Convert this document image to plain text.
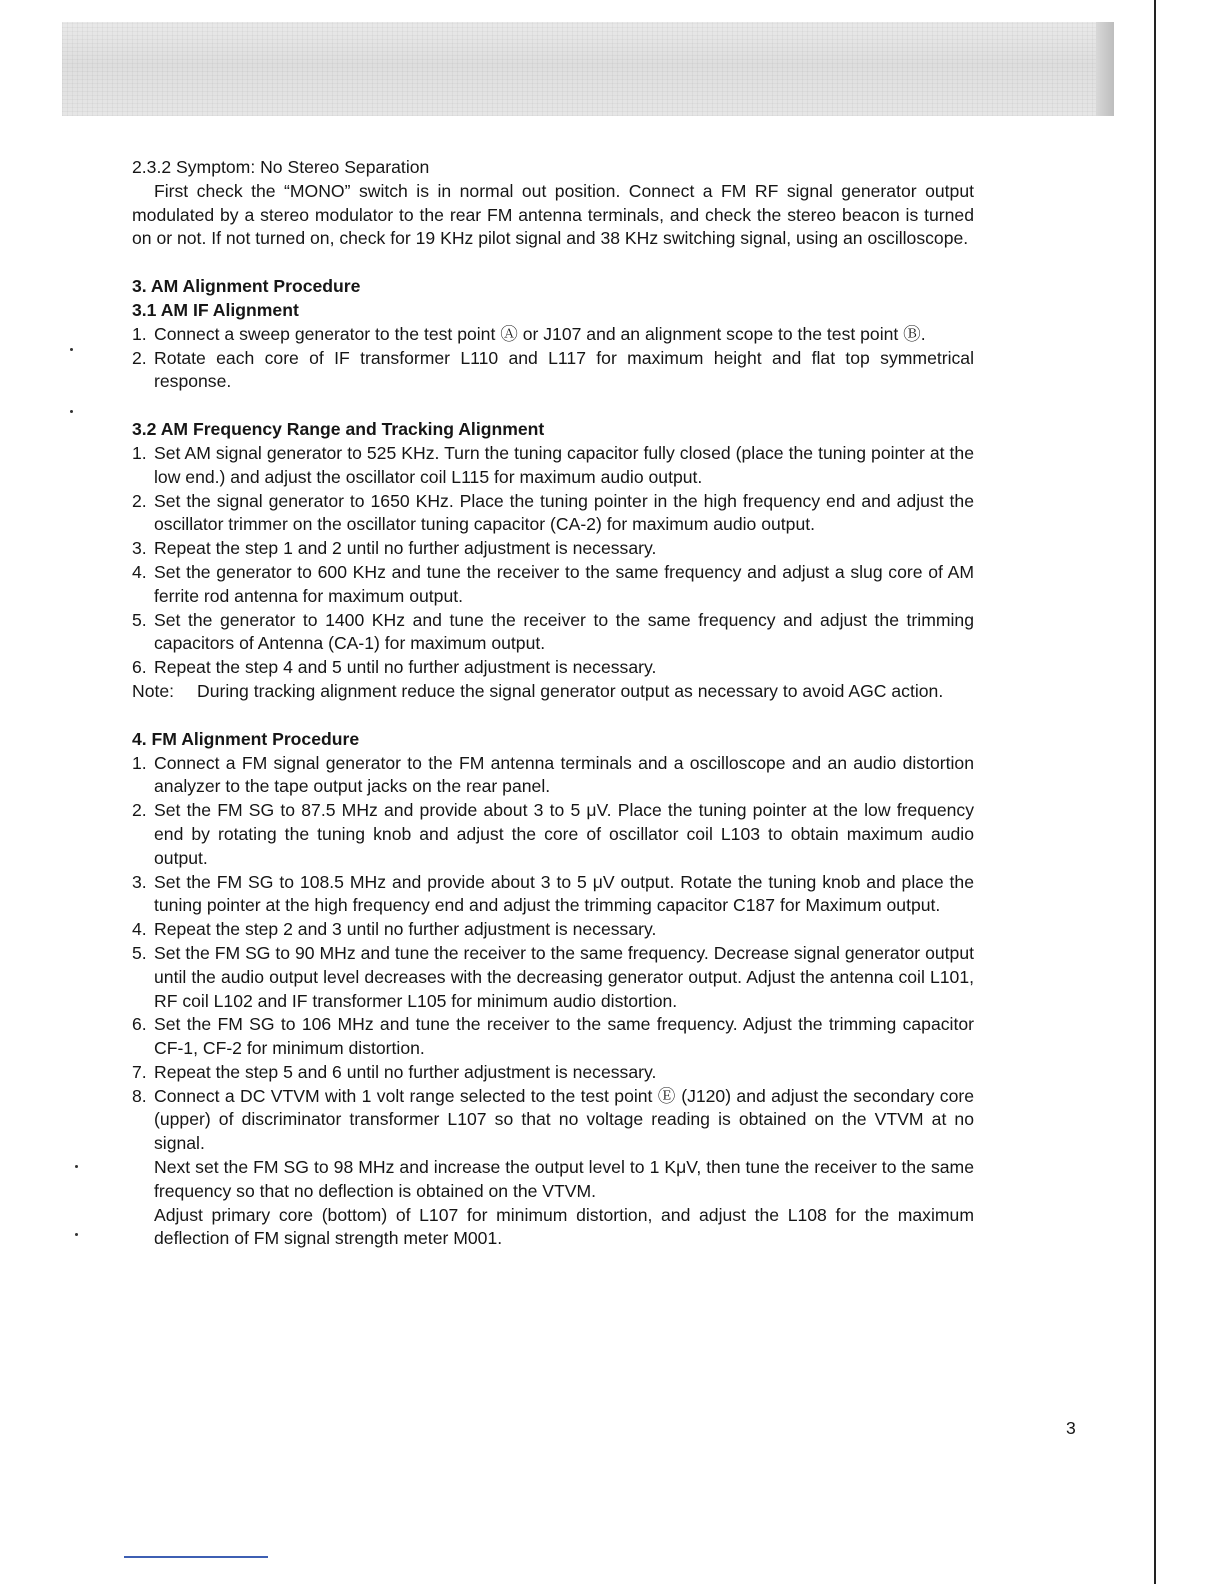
2.3.2 Symptom: No Stereo Separation

First check the “MONO” switch is in normal out position. Connect a FM RF signal generator output modulated by a stereo modulator to the rear FM antenna terminals, and check the stereo beacon is turned on or not. If not turned on, check for 19 KHz pilot signal and 38 KHz switching signal, using an oscilloscope.

3. AM Alignment Procedure
3.1 AM IF Alignment
1. Connect a sweep generator to the test point Ⓐ or J107 and an alignment scope to the test point Ⓑ.
2. Rotate each core of IF transformer L110 and L117 for maximum height and flat top symmetrical response.
3.2 AM Frequency Range and Tracking Alignment
1. Set AM signal generator to 525 KHz. Turn the tuning capacitor fully closed (place the tuning pointer at the low end.) and adjust the oscillator coil L115 for maximum audio output.
2. Set the signal generator to 1650 KHz. Place the tuning pointer in the high frequency end and adjust the oscillator trimmer on the oscillator tuning capacitor (CA-2) for maximum audio output.
3. Repeat the step 1 and 2 until no further adjustment is necessary.
4. Set the generator to 600 KHz and tune the receiver to the same frequency and adjust a slug core of AM ferrite rod antenna for maximum output.
5. Set the generator to 1400 KHz and tune the receiver to the same frequency and adjust the trimming capacitors of Antenna (CA-1) for maximum output.
6. Repeat the step 4 and 5 until no further adjustment is necessary.
Note: During tracking alignment reduce the signal generator output as necessary to avoid AGC action.
4. FM Alignment Procedure
1. Connect a FM signal generator to the FM antenna terminals and a oscilloscope and an audio distortion analyzer to the tape output jacks on the rear panel.
2. Set the FM SG to 87.5 MHz and provide about 3 to 5 μV. Place the tuning pointer at the low frequency end by rotating the tuning knob and adjust the core of oscillator coil L103 to obtain maximum audio output.
3. Set the FM SG to 108.5 MHz and provide about 3 to 5 μV output. Rotate the tuning knob and place the tuning pointer at the high frequency end and adjust the trimming capacitor C187 for Maximum output.
4. Repeat the step 2 and 3 until no further adjustment is necessary.
5. Set the FM SG to 90 MHz and tune the receiver to the same frequency. Decrease signal generator output until the audio output level decreases with the decreasing generator output. Adjust the antenna coil L101, RF coil L102 and IF transformer L105 for minimum audio distortion.
6. Set the FM SG to 106 MHz and tune the receiver to the same frequency. Adjust the trimming capacitor CF-1, CF-2 for minimum distortion.
7. Repeat the step 5 and 6 until no further adjustment is necessary.
8. Connect a DC VTVM with 1 volt range selected to the test point Ⓔ (J120) and adjust the secondary core (upper) of discriminator transformer L107 so that no voltage reading is obtained on the VTVM at no signal.
Next set the FM SG to 98 MHz and increase the output level to 1 KμV, then tune the receiver to the same frequency so that no deflection is obtained on the VTVM.
Adjust primary core (bottom) of L107 for minimum distortion, and adjust the L108 for the maximum deflection of FM signal strength meter M001.
3
